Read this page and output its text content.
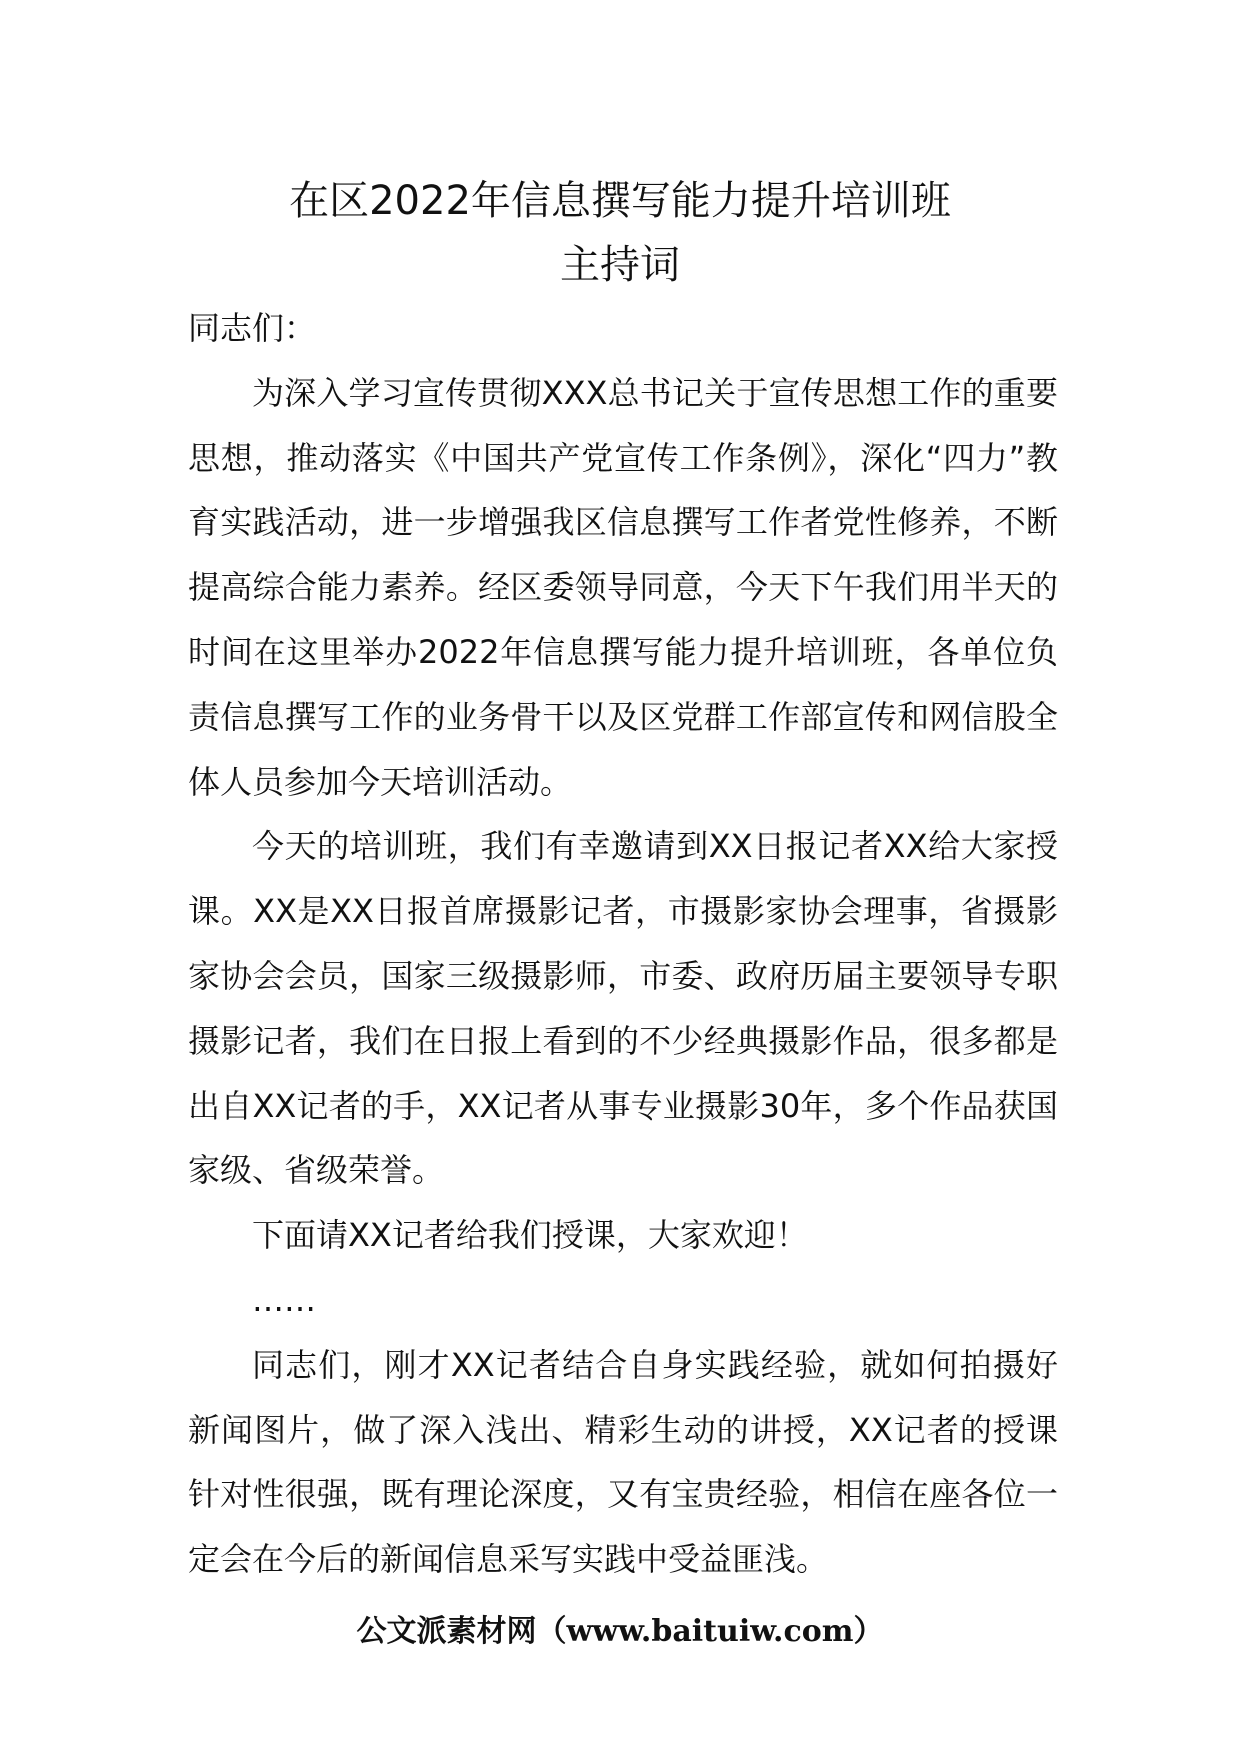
在区2022年信息撰写能力提升培训班
主持词

同志们：

为深入学习宣传贯彻XXX总书记关于宣传思想工作的重要思想，推动落实《中国共产党宣传工作条例》，深化“四力”教育实践活动，进一步增强我区信息撰写工作者党性修养，不断提高综合能力素养。经区委领导同意，今天下午我们用半天的时间在这里举办2022年信息撰写能力提升培训班，各单位负责信息撰写工作的业务骨干以及区党群工作部宣传和网信股全体人员参加今天培训活动。

今天的培训班，我们有幸邀请到XX日报记者XX给大家授课。XX是XX日报首席摄影记者，市摄影家协会理事，省摄影家协会会员，国家三级摄影师，市委、政府历届主要领导专职摄影记者，我们在日报上看到的不少经典摄影作品，很多都是出自XX记者的手，XX记者从事专业摄影30年，多个作品获国家级、省级荣誉。

下面请XX记者给我们授课，大家欢迎！

……

同志们，刚才XX记者结合自身实践经验，就如何拍摄好新闻图片，做了深入浅出、精彩生动的讲授，XX记者的授课针对性很强，既有理论深度，又有宝贵经验，相信在座各位一定会在今后的新闻信息采写实践中受益匪浅。

公文派素材网（www.baituiw.com）
